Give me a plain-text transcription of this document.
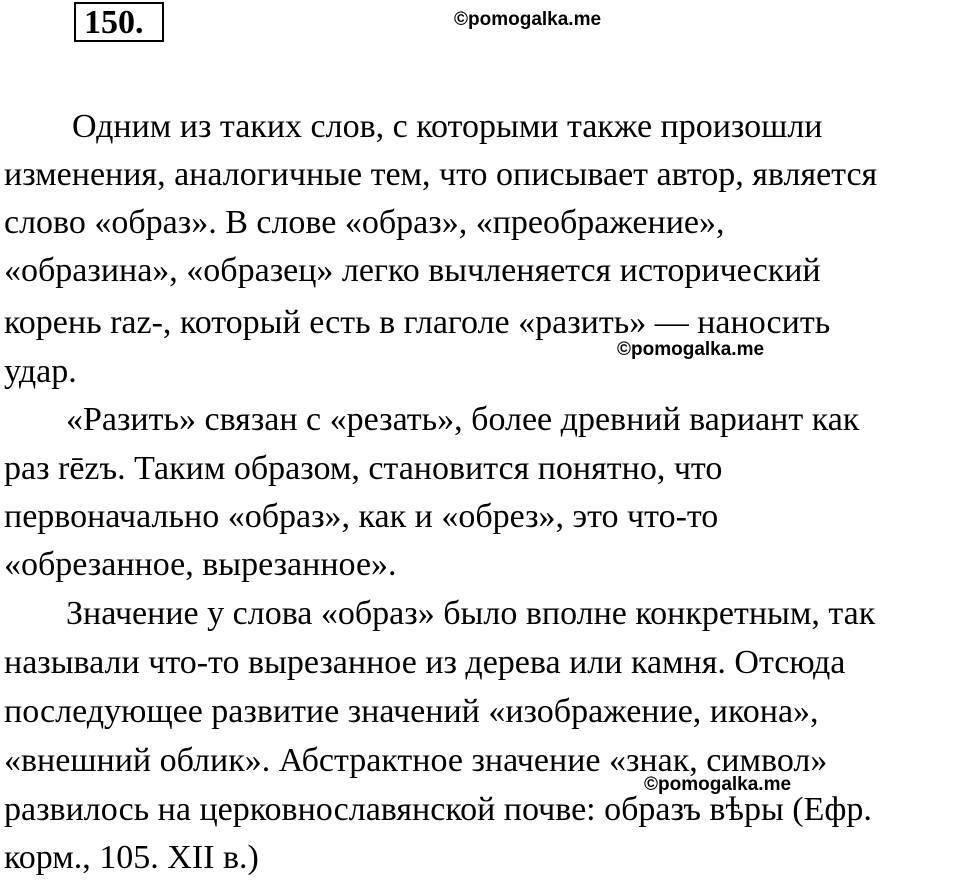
150.	©pomogalka.me
Одним из таких слов, с которыми также произошли
изменения, аналогичные тем, что описывает автор, является
слово «образ». В слове «образ», «преображение»,
«образина», «образец» легко вычленяется исторический
корень raz-, который есть в глаголе «разить» — наносить
удар.
©pomogalka.me
«Разить» связан с «резать», более древний вариант как
раз rēzъ. Таким образом, становится понятно, что
первоначально «образ», как и «обрез», это что-то
«обрезанное, вырезанное».
Значение у слова «образ» было вполне конкретным, так
называли что-то вырезанное из дерева или камня. Отсюда
последующее развитие значений «изображение, икона»,
«внешний облик». Абстрактное значение «знак, символ»
развилось на церковнославянской почве: образъ вѣры (Ефр.
корм., 105. XII в.)
©pomogalka.me
